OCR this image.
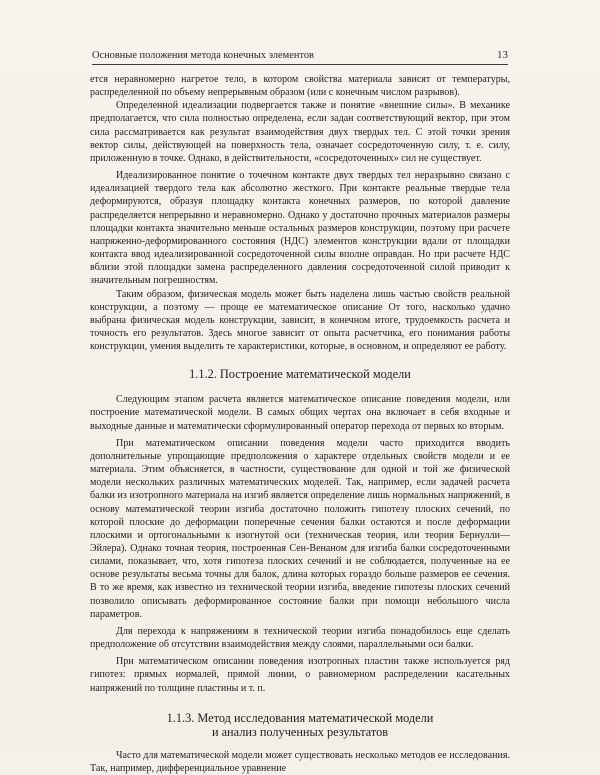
Основные положения метода конечных элементов	13

ется неравномерно нагретое тело, в котором свойства материала зависят от температуры, распределенной по объему непрерывным образом (или с конечным числом разрывов).

Определенной идеализации подвергается также и понятие «внешние силы». В механике предполагается, что сила полностью определена, если задан соответствующий вектор, при этом сила рассматривается как результат взаимодействия двух твердых тел. С этой точки зрения вектор силы, действующей на поверхность тела, означает сосредоточенную силу, т. е. силу, приложенную в точке. Однако, в действительности, «сосредоточенных» сил не существует.

Идеализированное понятие о точечном контакте двух твердых тел неразрывно связано с идеализацией твердого тела как абсолютно жесткого. При контакте реальные твердые тела деформируются, образуя площадку контакта конечных размеров, по которой давление распределяется непрерывно и неравномерно. Однако у достаточно прочных материалов размеры площадки контакта значительно меньше остальных размеров конструкции, поэтому при расчете напряженно-деформированного состояния (НДС) элементов конструкции вдали от площадки контакта ввод идеализированной сосредоточенной силы вполне оправдан. Но при расчете НДС вблизи этой площадки замена распределенного давления сосредоточенной силой приводит к значительным погрешностям.

Таким образом, физическая модель может быть наделена лишь частью свойств реальной конструкции, а поэтому — проще ее математическое описание От того, насколько удачно выбрана физическая модель конструкции, зависит, в конечном итоге, трудоемкость расчета и точность его результатов. Здесь многое зависит от опыта расчетчика, его понимания работы конструкции, умения выделить те характеристики, которые, в основном, и определяют ее работу.

1.1.2. Построение математической модели

Следующим этапом расчета является математическое описание поведения модели, или построение математической модели. В самых общих чертах она включает в себя входные и выходные данные и математически сформулированный оператор перехода от первых ко вторым.

При математическом описании поведения модели часто приходится вводить дополнительные упрощающие предположения о характере отдельных свойств модели и ее материала. Этим объясняется, в частности, существование для одной и той же физической модели нескольких различных математических моделей. Так, например, если задачей расчета балки из изотропного материала на изгиб является определение лишь нормальных напряжений, в основу математической теории изгиба достаточно положить гипотезу плоских сечений, по которой плоские до деформации поперечные сечения балки остаются и после деформации плоскими и ортогональными к изогнутой оси (техническая теория, или теория Бернулли—Эйлера). Однако точная теория, построенная Сен-Венаном для изгиба балки сосредоточенными силами, показывает, что, хотя гипотеза плоских сечений и не соблюдается, полученные на ее основе результаты весьма точны для балок, длина которых гораздо больше размеров ее сечения. В то же время, как известно из технической теории изгиба, введение гипотезы плоских сечений позволило описывать деформированное состояние балки при помощи небольшого числа параметров.

Для перехода к напряжениям в технической теории изгиба понадобилось еще сделать предположение об отсутствии взаимодействия между слоями, параллельными оси балки.

При математическом описании поведения изотропных пластин также используется ряд гипотез: прямых нормалей, прямой линии, о равномерном распределении касательных напряжений по толщине пластины и т. п.

1.1.3. Метод исследования математической модели
и анализ полученных результатов

Часто для математической модели может существовать несколько методов ее исследования. Так, например, дифференциальное уравнение
